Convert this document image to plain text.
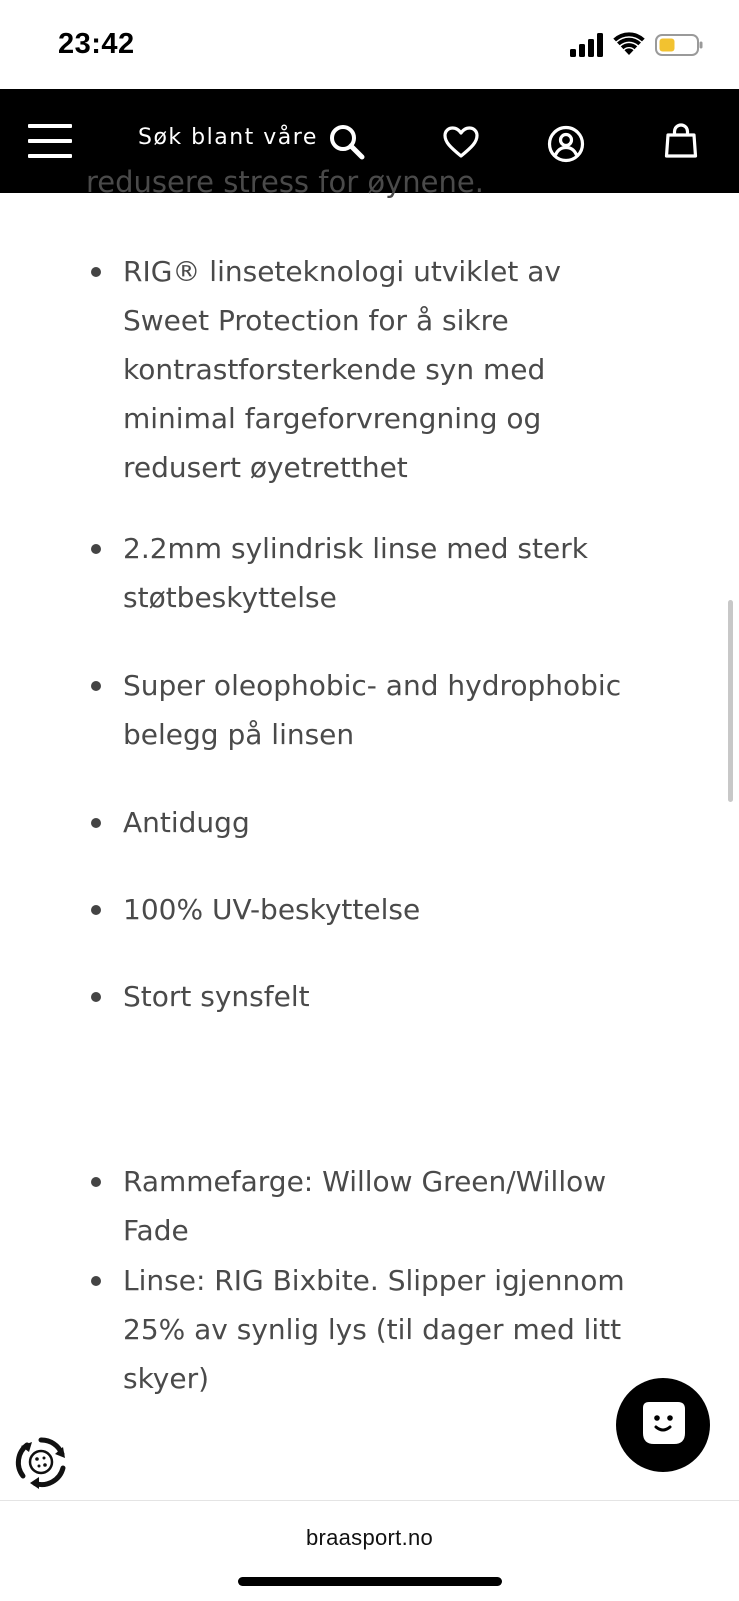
23:42
Søk blant våre
redusere stress for øynene.
RIG® linseteknologi utviklet av Sweet Protection for å sikre kontrastforsterkende syn med minimal fargeforvrengning og redusert øyetretthet
2.2mm sylindrisk linse med sterk støtbeskyttelse
Super oleophobic- and hydrophobic belegg på linsen
Antidugg
100% UV-beskyttelse
Stort synsfelt
Rammefarge: Willow Green/Willow Fade
Linse: RIG Bixbite. Slipper igjennom 25% av synlig lys (til dager med litt skyer)
braasport.no
